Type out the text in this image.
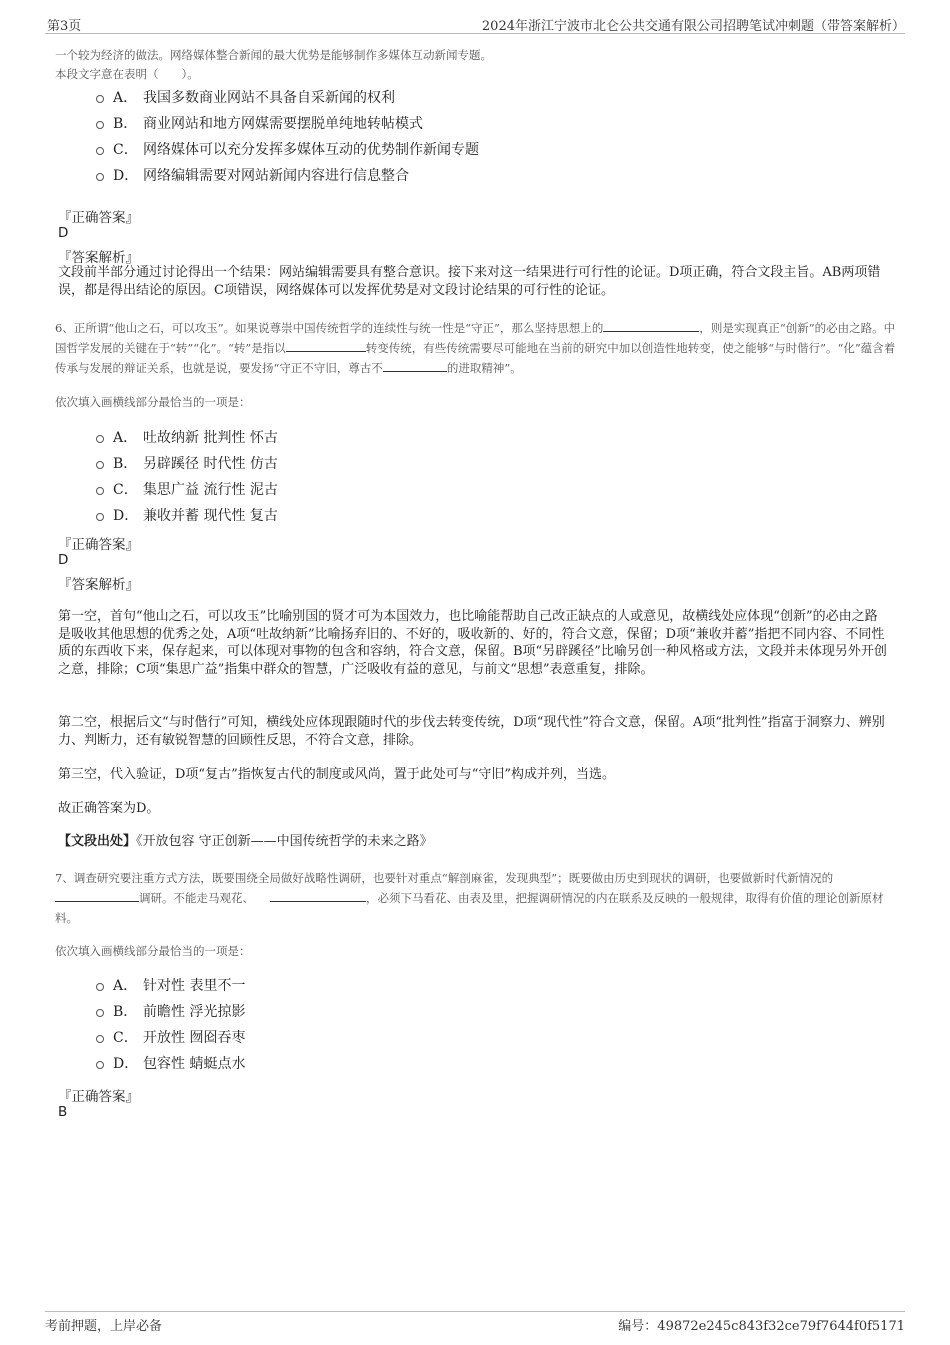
第3页	2024年浙江宁波市北仑公共交通有限公司招聘笔试冲刺题（带答案解析）

一个较为经济的做法。网络媒体整合新闻的最大优势是能够制作多媒体互动新闻专题。

本段文字意在表明（　　）。

A． 我国多数商业网站不具备自采新闻的权利
B． 商业网站和地方网媒需要摆脱单纯地转帖模式
C． 网络媒体可以充分发挥多媒体互动的优势制作新闻专题
D． 网络编辑需要对网站新闻内容进行信息整合

『正确答案』

D

『答案解析』

文段前半部分通过讨论得出一个结果：网站编辑需要具有整合意识。接下来对这一结果进行可行性的论证。D项正确，符合文段主旨。AB两项错误，都是得出结论的原因。C项错误，网络媒体可以发挥优势是对文段讨论结果的可行性的论证。

6、正所谓“他山之石，可以攻玉”。如果说尊崇中国传统哲学的连续性与统一性是“守正”，那么坚持思想上的	，则是实现真正“创新”的必由之路。中国哲学发展的关键在于“转”“化”。“转”是指以	转变传统，有些传统需要尽可能地在当前的研究中加以创造性地转变，使之能够“与时偕行”。“化”蕴含着传承与发展的辩证关系，也就是说，要发扬“守正不守旧，尊古不	的进取精神”。

依次填入画横线部分最恰当的一项是：

A． 吐故纳新 批判性 怀古
B． 另辟蹊径 时代性 仿古
C． 集思广益 流行性 泥古
D． 兼收并蓄 现代性 复古

『正确答案』

D

『答案解析』

第一空，首句“他山之石，可以攻玉”比喻别国的贤才可为本国效力，也比喻能帮助自己改正缺点的人或意见，故横线处应体现“创新”的必由之路是吸收其他思想的优秀之处，A项“吐故纳新”比喻扬弃旧的、不好的，吸收新的、好的，符合文意，保留；D项“兼收并蓄”指把不同内容、不同性质的东西收下来，保存起来，可以体现对事物的包含和容纳，符合文意，保留。B项“另辟蹊径”比喻另创一种风格或方法，文段并未体现另外开创之意，排除；C项“集思广益”指集中群众的智慧，广泛吸收有益的意见，与前文“思想”表意重复，排除。

第二空，根据后文“与时偕行”可知，横线处应体现跟随时代的步伐去转变传统，D项“现代性”符合文意，保留。A项“批判性”指富于洞察力、辨别力、判断力，还有敏锐智慧的回顾性反思，不符合文意，排除。

第三空，代入验证，D项“复古”指恢复古代的制度或风尚，置于此处可与“守旧”构成并列，当选。

故正确答案为D。

【文段出处】《开放包容 守正创新——中国传统哲学的未来之路》

7、调查研究要注重方式方法，既要围绕全局做好战略性调研，也要针对重点“解剖麻雀，发现典型”；既要做由历史到现状的调研，也要做新时代新情况的调研。不能走马观花、	，必须下马看花、由表及里，把握调研情况的内在联系及反映的一般规律，取得有价值的理论创新原材料。

依次填入画横线部分最恰当的一项是：

A． 针对性 表里不一
B． 前瞻性 浮光掠影
C． 开放性 囫囵吞枣
D． 包容性 蜻蜓点水

『正确答案』

B

考前押题，上岸必备	编号：49872e245c843f32ce79f7644f0f5171
